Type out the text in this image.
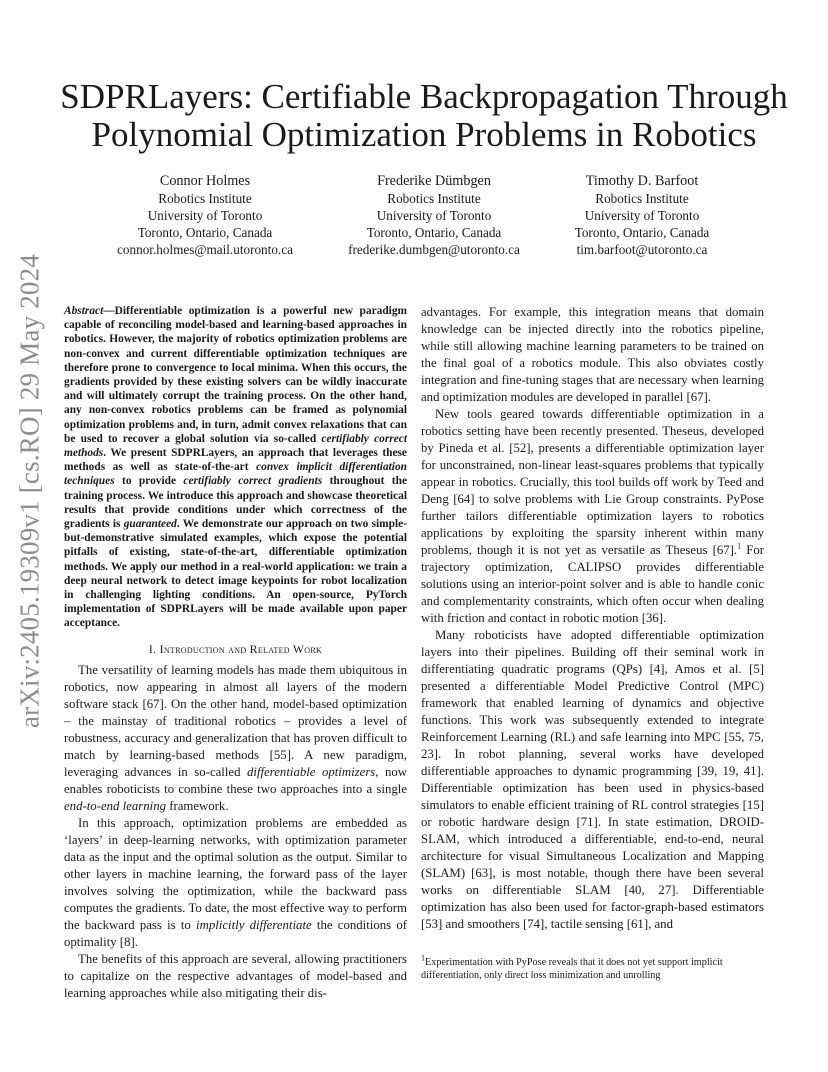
arXiv:2405.19309v1 [cs.RO] 29 May 2024
SDPRLayers: Certifiable Backpropagation Through
Polynomial Optimization Problems in Robotics
Connor Holmes
Robotics Institute
University of Toronto
Toronto, Ontario, Canada
connor.holmes@mail.utoronto.ca
Frederike Dümbgen
Robotics Institute
University of Toronto
Toronto, Ontario, Canada
frederike.dumbgen@utoronto.ca
Timothy D. Barfoot
Robotics Institute
University of Toronto
Toronto, Ontario, Canada
tim.barfoot@utoronto.ca

Abstract—Differentiable optimization is a powerful new paradigm capable of reconciling model-based and learning-based approaches in robotics. However, the majority of robotics optimization problems are non-convex and current differentiable optimization techniques are therefore prone to convergence to local minima. When this occurs, the gradients provided by these existing solvers can be wildly inaccurate and will ultimately corrupt the training process. On the other hand, any non-convex robotics problems can be framed as polynomial optimization problems and, in turn, admit convex relaxations that can be used to recover a global solution via so-called certifiably correct methods. We present SDPRLayers, an approach that leverages these methods as well as state-of-the-art convex implicit differentiation techniques to provide certifiably correct gradients throughout the training process. We introduce this approach and showcase theoretical results that provide conditions under which correctness of the gradients is guaranteed. We demonstrate our approach on two simple-but-demonstrative simulated examples, which expose the potential pitfalls of existing, state-of-the-art, differentiable optimization methods. We apply our method in a real-world application: we train a deep neural network to detect image keypoints for robot localization in challenging lighting conditions. An open-source, PyTorch implementation of SDPRLayers will be made available upon paper acceptance.

I. Introduction and Related Work

The versatility of learning models has made them ubiquitous in robotics, now appearing in almost all layers of the modern software stack [67]. On the other hand, model-based optimization – the mainstay of traditional robotics – provides a level of robustness, accuracy and generalization that has proven difficult to match by learning-based methods [55]. A new paradigm, leveraging advances in so-called differentiable optimizers, now enables roboticists to combine these two approaches into a single end-to-end learning framework.

In this approach, optimization problems are embedded as ‘layers’ in deep-learning networks, with optimization parameter data as the input and the optimal solution as the output. Similar to other layers in machine learning, the forward pass of the layer involves solving the optimization, while the backward pass computes the gradients. To date, the most effective way to perform the backward pass is to implicitly differentiate the conditions of optimality [8].

The benefits of this approach are several, allowing practitioners to capitalize on the respective advantages of model-based and learning approaches while also mitigating their dis-

advantages. For example, this integration means that domain knowledge can be injected directly into the robotics pipeline, while still allowing machine learning parameters to be trained on the final goal of a robotics module. This also obviates costly integration and fine-tuning stages that are necessary when learning and optimization modules are developed in parallel [67].

New tools geared towards differentiable optimization in a robotics setting have been recently presented. Theseus, developed by Pineda et al. [52], presents a differentiable optimization layer for unconstrained, non-linear least-squares problems that typically appear in robotics. Crucially, this tool builds off work by Teed and Deng [64] to solve problems with Lie Group constraints. PyPose further tailors differentiable optimization layers to robotics applications by exploiting the sparsity inherent within many problems, though it is not yet as versatile as Theseus [67].$^1$ For trajectory optimization, CALIPSO provides differentiable solutions using an interior-point solver and is able to handle conic and complementarity constraints, which often occur when dealing with friction and contact in robotic motion [36].

Many roboticists have adopted differentiable optimization layers into their pipelines. Building off their seminal work in differentiating quadratic programs (QPs) [4], Amos et al. [5] presented a differentiable Model Predictive Control (MPC) framework that enabled learning of dynamics and objective functions. This work was subsequently extended to integrate Reinforcement Learning (RL) and safe learning into MPC [55, 75, 23]. In robot planning, several works have developed differentiable approaches to dynamic programming [39, 19, 41]. Differentiable optimization has been used in physics-based simulators to enable efficient training of RL control strategies [15] or robotic hardware design [71]. In state estimation, DROID-SLAM, which introduced a differentiable, end-to-end, neural architecture for visual Simultaneous Localization and Mapping (SLAM) [63], is most notable, though there have been several works on differentiable SLAM [40, 27]. Differentiable optimization has also been used for factor-graph-based estimators [53] and smoothers [74], tactile sensing [61], and

$^1$Experimentation with PyPose reveals that it does not yet support implicit differentiation, only direct loss minimization and unrolling
